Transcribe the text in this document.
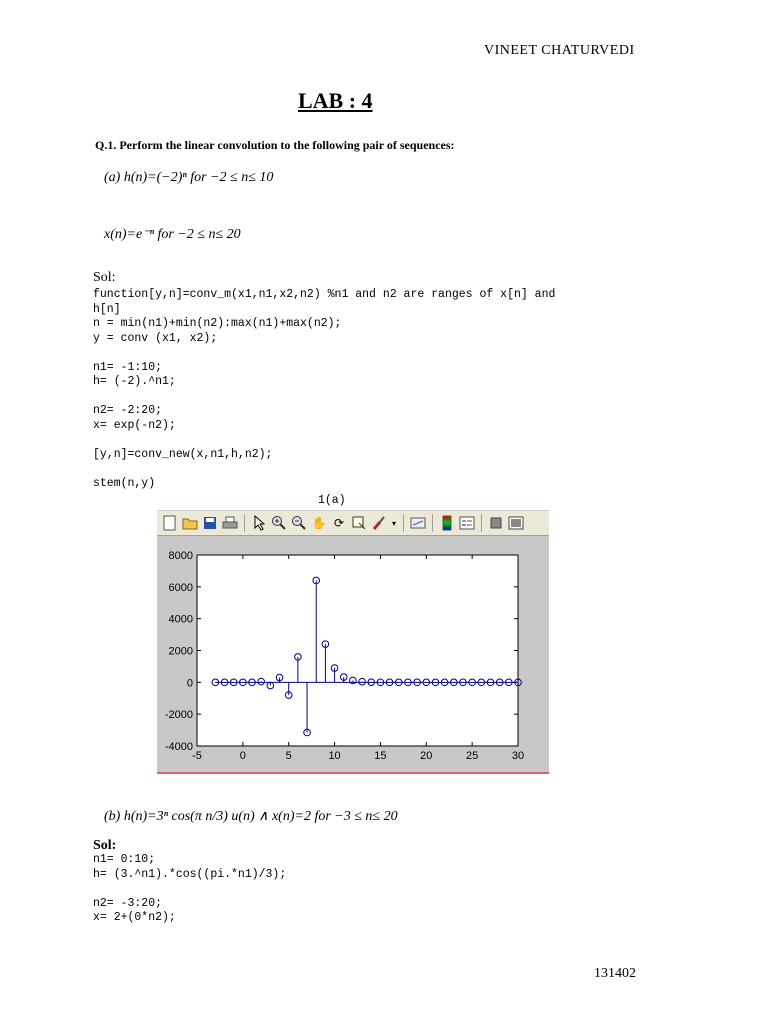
VINEET CHATURVEDI
LAB : 4
Q.1. Perform the linear convolution to the following pair of sequences:
(a) h(n)=(−2)ⁿ for −2 ≤ n≤ 10
x(n)=e⁻ⁿ for −2 ≤ n≤ 20
Sol:
function[y,n]=conv_m(x1,n1,x2,n2) %n1 and n2 are ranges of x[n] and
h[n]
n = min(n1)+min(n2):max(n1)+max(n2);
y = conv (x1, x2);

n1= -1:10;
h= (-2).^n1;

n2= -2:20;
x= exp(-n2);

[y,n]=conv_new(x,n1,h,n2);

stem(n,y)
1(a)
✋ ⟳	▾
8000
6000
4000
2000
0
-2000
-4000
-5	0	5	10	15	20	25	30
(b) h(n)=3ⁿ cos(π n/3) u(n) ∧ x(n)=2 for −3 ≤ n≤ 20
Sol:
n1= 0:10;
h= (3.^n1).*cos((pi.*n1)/3);

n2= -3:20;
x= 2+(0*n2);
131402
